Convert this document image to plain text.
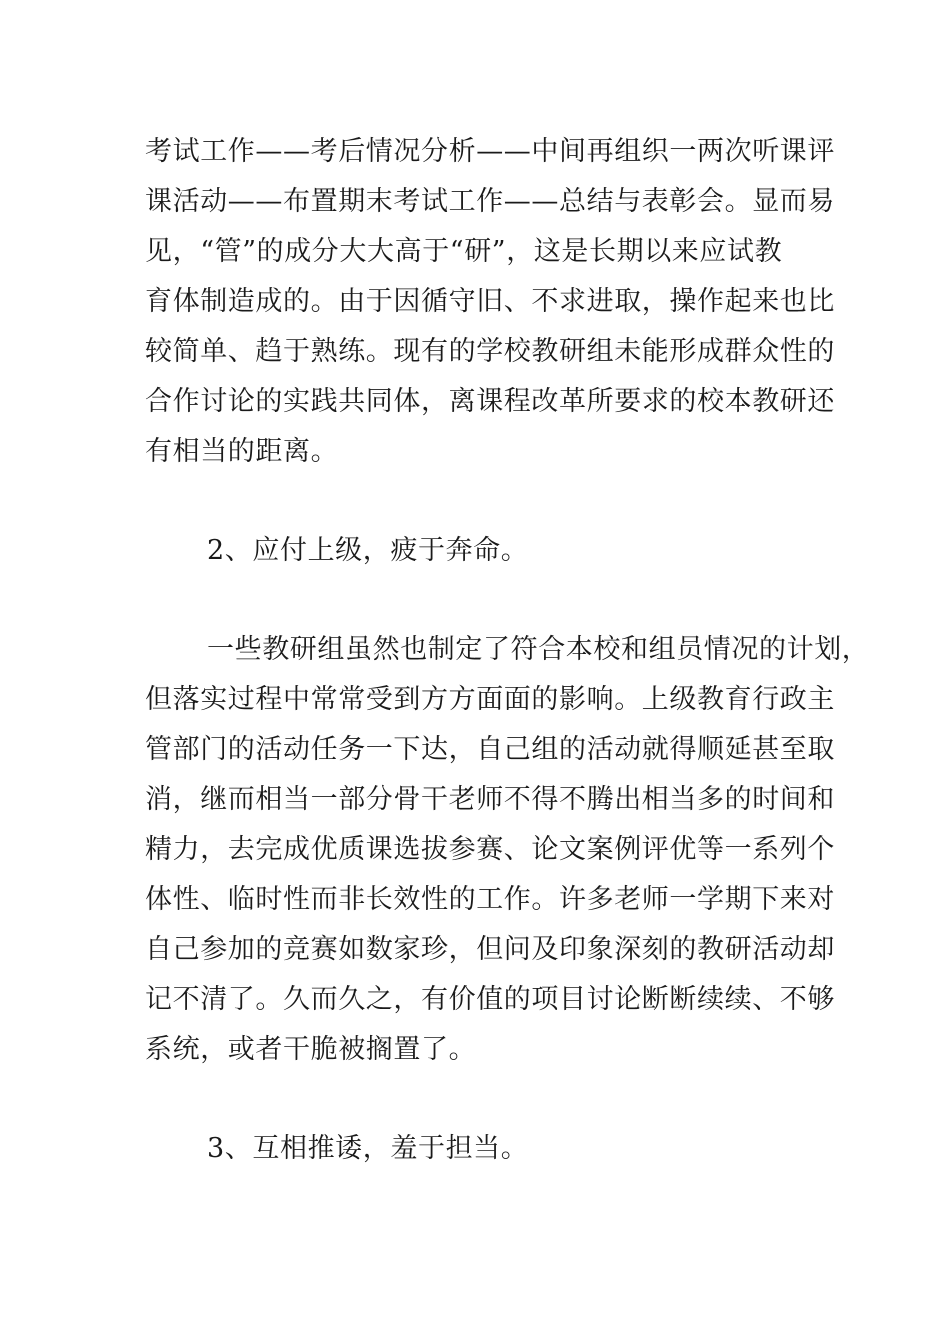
考试工作——考后情况分析——中间再组织一两次听课评
课活动——布置期末考试工作——总结与表彰会。显而易
见，“管”的成分大大高于“研”，这是长期以来应试教
育体制造成的。由于因循守旧、不求进取，操作起来也比
较简单、趋于熟练。现有的学校教研组未能形成群众性的
合作讨论的实践共同体，离课程改革所要求的校本教研还
有相当的距离。
2、应付上级，疲于奔命。
一些教研组虽然也制定了符合本校和组员情况的计划，
但落实过程中常常受到方方面面的影响。上级教育行政主
管部门的活动任务一下达，自己组的活动就得顺延甚至取
消，继而相当一部分骨干老师不得不腾出相当多的时间和
精力，去完成优质课选拔参赛、论文案例评优等一系列个
体性、临时性而非长效性的工作。许多老师一学期下来对
自己参加的竞赛如数家珍，但问及印象深刻的教研活动却
记不清了。久而久之，有价值的项目讨论断断续续、不够
系统，或者干脆被搁置了。
3、互相推诿，羞于担当。
